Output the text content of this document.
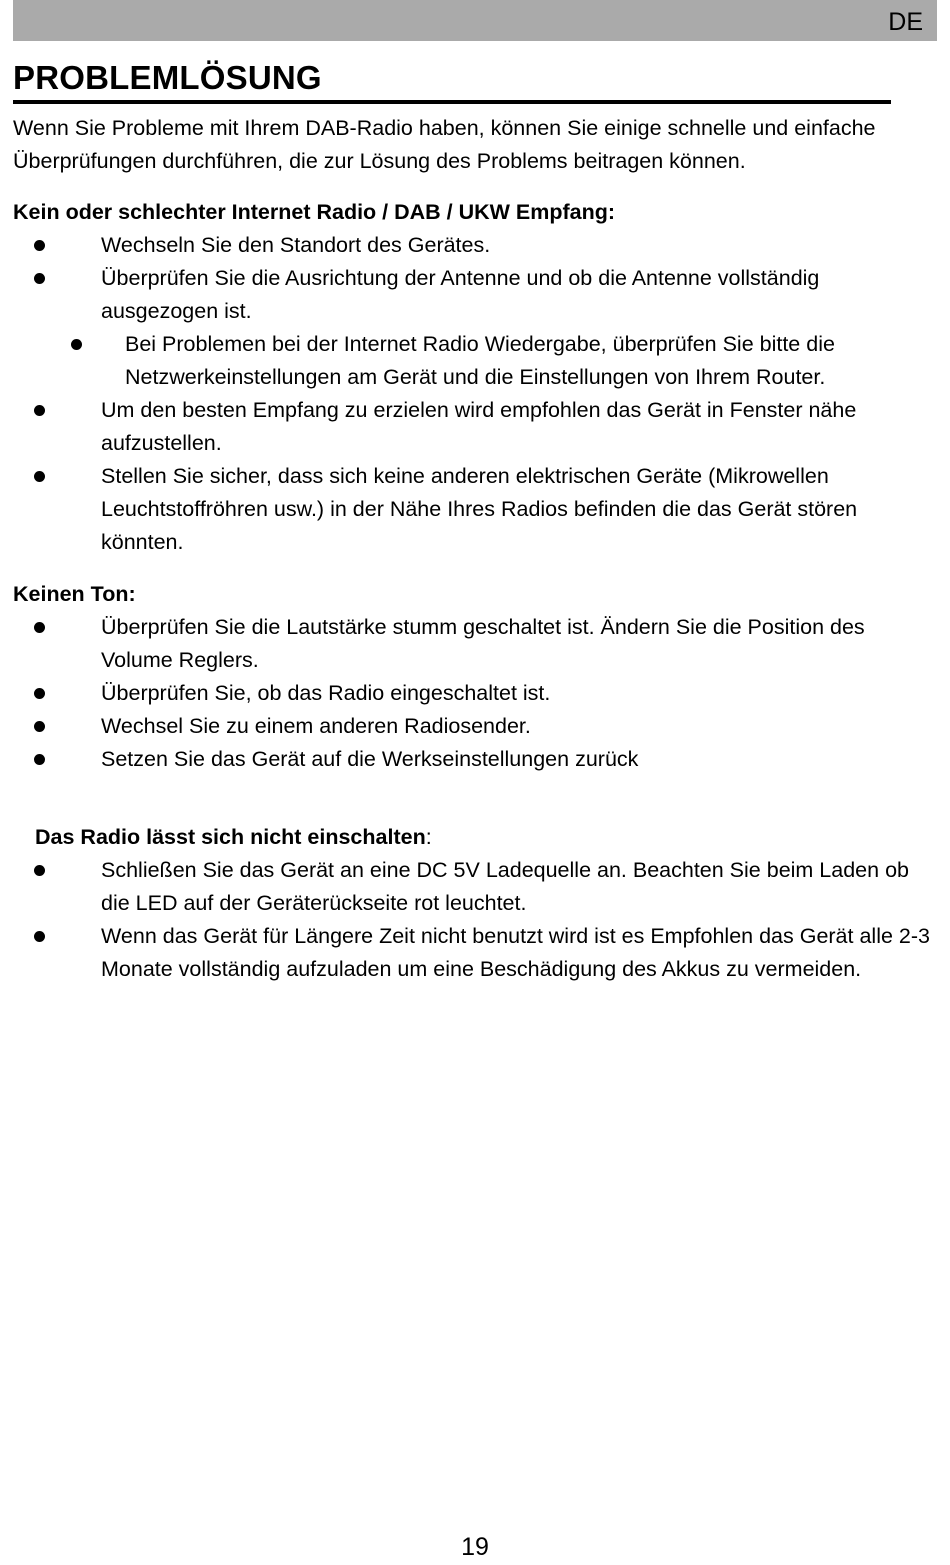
DE
PROBLEMLÖSUNG

Wenn Sie Probleme mit Ihrem DAB-Radio haben, können Sie einige schnelle und einfache Überprüfungen durchführen, die zur Lösung des Problems beitragen können.

Kein oder schlechter Internet Radio / DAB / UKW Empfang:
Wechseln Sie den Standort des Gerätes.
Überprüfen Sie die Ausrichtung der Antenne und ob die Antenne vollständig ausgezogen ist.
Bei Problemen bei der Internet Radio Wiedergabe, überprüfen Sie bitte die Netzwerkeinstellungen am Gerät und die Einstellungen von Ihrem Router.
Um den besten Empfang zu erzielen wird empfohlen das Gerät in Fenster nähe aufzustellen.
Stellen Sie sicher, dass sich keine anderen elektrischen Geräte (Mikrowellen Leuchtstoffröhren usw.) in der Nähe Ihres Radios befinden die das Gerät stören könnten.
Keinen Ton:
Überprüfen Sie die Lautstärke stumm geschaltet ist. Ändern Sie die Position des Volume Reglers.
Überprüfen Sie, ob das Radio eingeschaltet ist.
Wechsel Sie zu einem anderen Radiosender.
Setzen Sie das Gerät auf die Werkseinstellungen zurück
Das Radio lässt sich nicht einschalten:
Schließen Sie das Gerät an eine DC 5V Ladequelle an. Beachten Sie beim Laden ob die LED auf der Geräterückseite rot leuchtet.
Wenn das Gerät für Längere Zeit nicht benutzt wird ist es Empfohlen das Gerät alle 2-3 Monate vollständig aufzuladen um eine Beschädigung des Akkus zu vermeiden.
19
